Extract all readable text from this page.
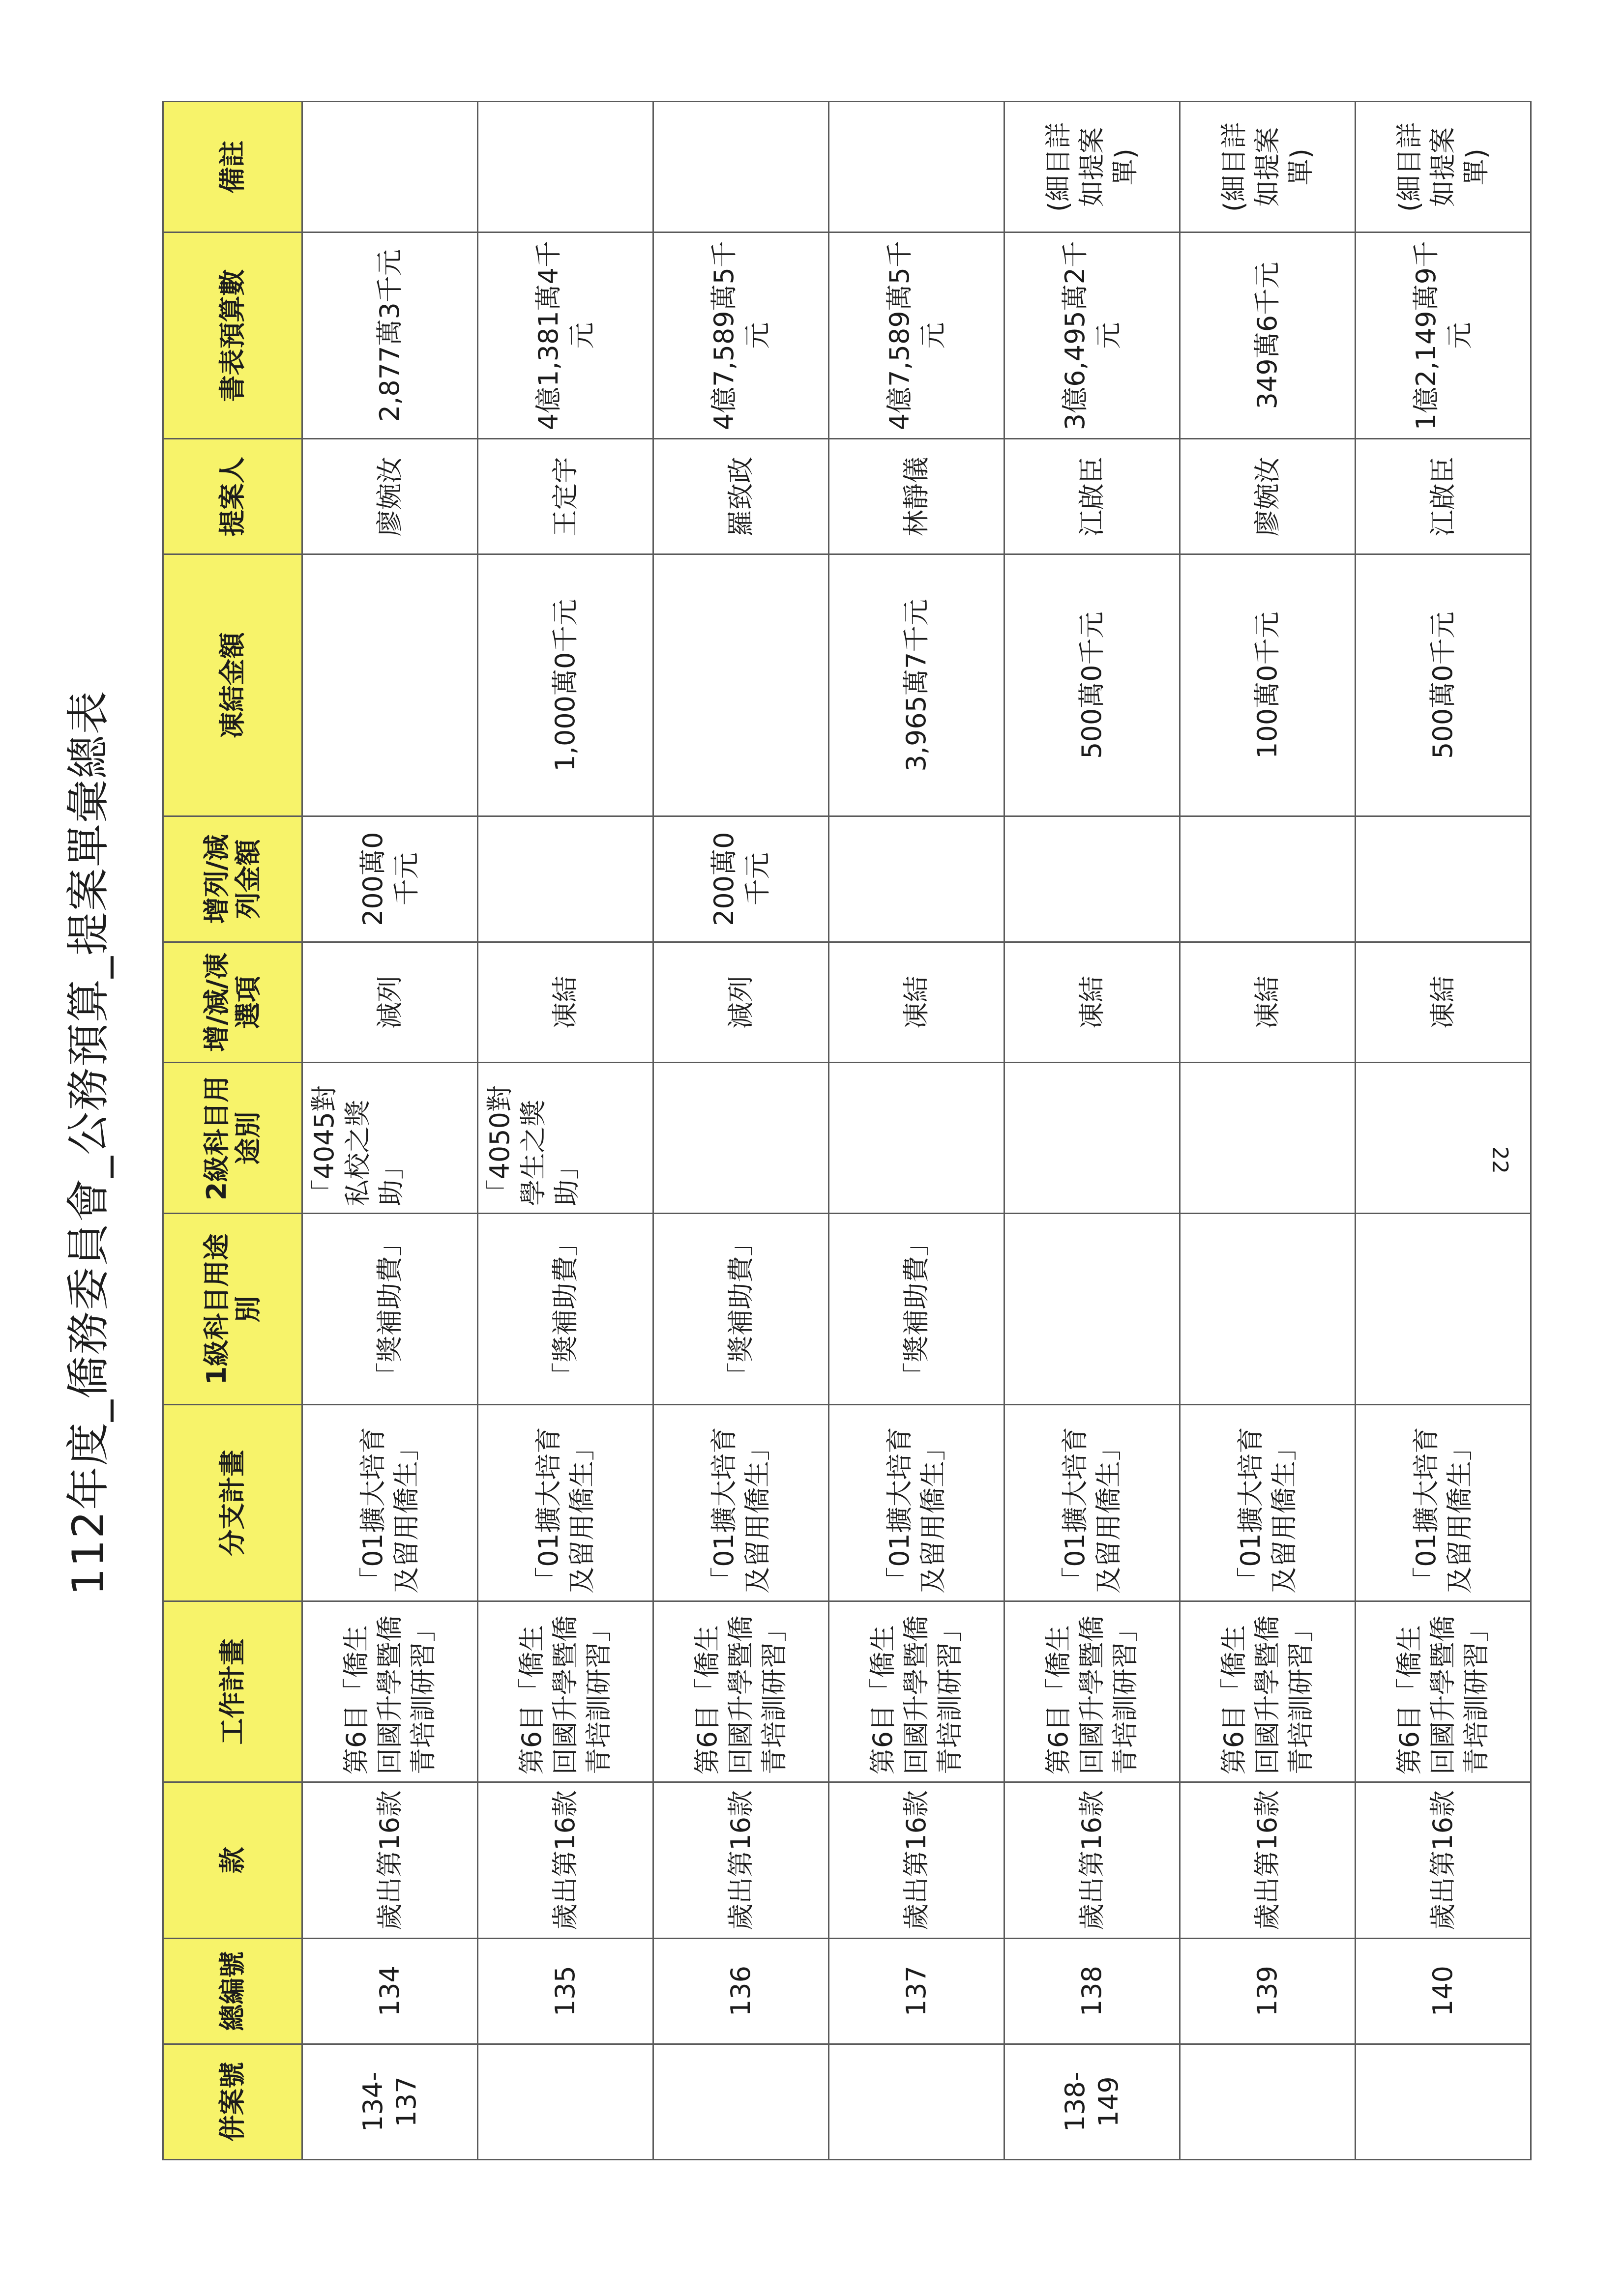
112年度_僑務委員會_公務預算_提案單彙總表	22
併案號	總編號	款	工作計畫	分支計畫	1級科目用途別	2級科目用途別	增/減/凍選項	增列/減列金額	凍結金額	提案人	書表預算數	備註
134-137	134	歲出第16款	第6目「僑生回國升學暨僑青培訓研習」	「01擴大培育及留用僑生」	「獎補助費」	「4045對私校之獎助」	減列	200萬0千元		廖婉汝	2,877萬3千元	
	135	歲出第16款	第6目「僑生回國升學暨僑青培訓研習」	「01擴大培育及留用僑生」	「獎補助費」	「4050對學生之獎助」	凍結		1,000萬0千元	王定宇	4億1,381萬4千元	
	136	歲出第16款	第6目「僑生回國升學暨僑青培訓研習」	「01擴大培育及留用僑生」	「獎補助費」		減列	200萬0千元		羅致政	4億7,589萬5千元	
	137	歲出第16款	第6目「僑生回國升學暨僑青培訓研習」	「01擴大培育及留用僑生」	「獎補助費」		凍結		3,965萬7千元	林靜儀	4億7,589萬5千元	
138-149	138	歲出第16款	第6目「僑生回國升學暨僑青培訓研習」	「01擴大培育及留用僑生」			凍結		500萬0千元	江啟臣	3億6,495萬2千元	(細目詳如提案單)
	139	歲出第16款	第6目「僑生回國升學暨僑青培訓研習」	「01擴大培育及留用僑生」			凍結		100萬0千元	廖婉汝	349萬6千元	(細目詳如提案單)
	140	歲出第16款	第6目「僑生回國升學暨僑青培訓研習」	「01擴大培育及留用僑生」			凍結		500萬0千元	江啟臣	1億2,149萬9千元	(細目詳如提案單)
